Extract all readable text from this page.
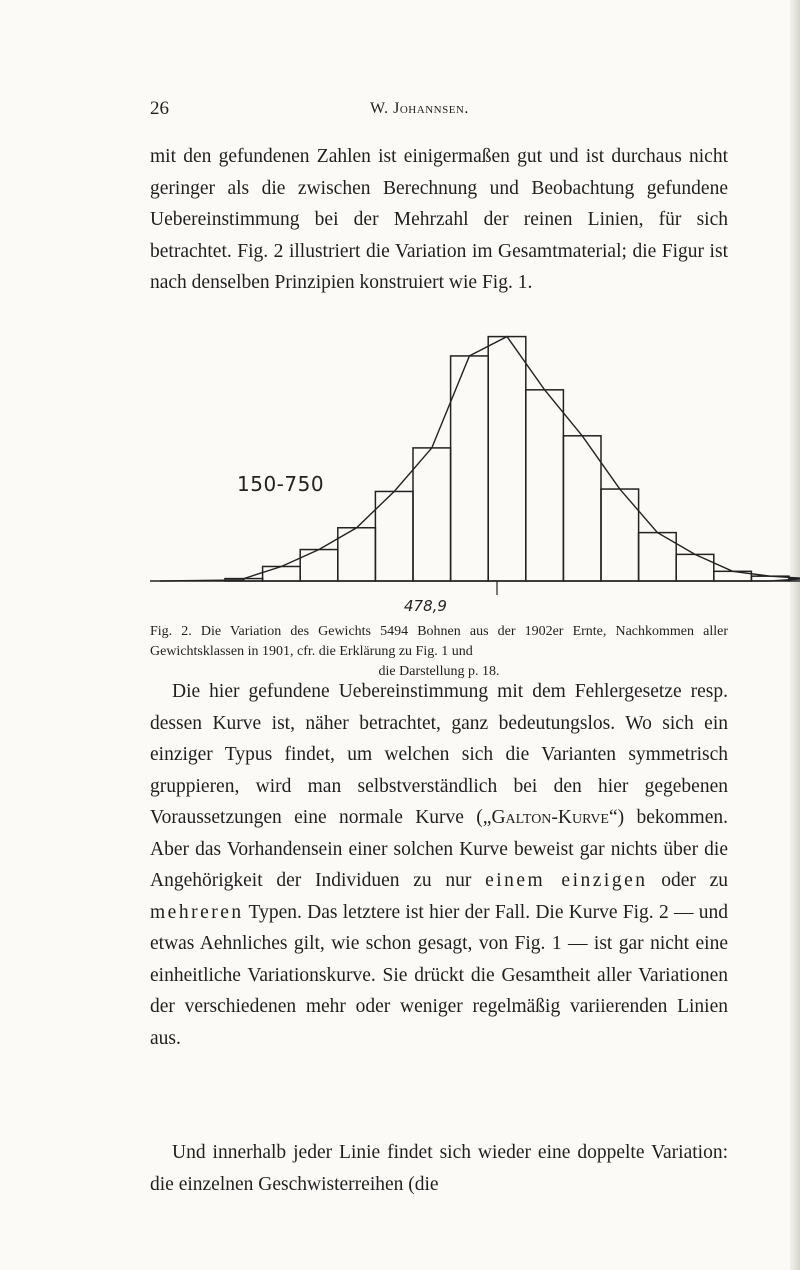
26	W. Johannsen.

mit den gefundenen Zahlen ist einigermaßen gut und ist durchaus nicht geringer als die zwischen Berechnung und Beobachtung gefundene Uebereinstimmung bei der Mehrzahl der reinen Linien, für sich betrachtet. Fig. 2 illustriert die Variation im Gesamtmaterial; die Figur ist nach denselben Prinzipien konstruiert wie Fig. 1.

150-750
478,9

Fig. 2. Die Variation des Gewichts 5494 Bohnen aus der 1902er Ernte, Nachkommen aller Gewichtsklassen in 1901, cfr. die Erklärung zu Fig. 1 und
die Darstellung p. 18.

Die hier gefundene Uebereinstimmung mit dem Fehlergesetze resp. dessen Kurve ist, näher betrachtet, ganz bedeutungslos. Wo sich ein einziger Typus findet, um welchen sich die Varianten symmetrisch gruppieren, wird man selbstverständlich bei den hier gegebenen Voraussetzungen eine normale Kurve („Galton-Kurve“) bekommen. Aber das Vorhandensein einer solchen Kurve beweist gar nichts über die Angehörigkeit der Individuen zu nur einem einzigen oder zu mehreren Typen. Das letztere ist hier der Fall. Die Kurve Fig. 2 — und etwas Aehnliches gilt, wie schon gesagt, von Fig. 1 — ist gar nicht eine einheitliche Variationskurve. Sie drückt die Gesamtheit aller Variationen der verschiedenen mehr oder weniger regelmäßig variierenden Linien aus.

Und innerhalb jeder Linie findet sich wieder eine doppelte Variation: die einzelnen Geschwisterreihen (die
